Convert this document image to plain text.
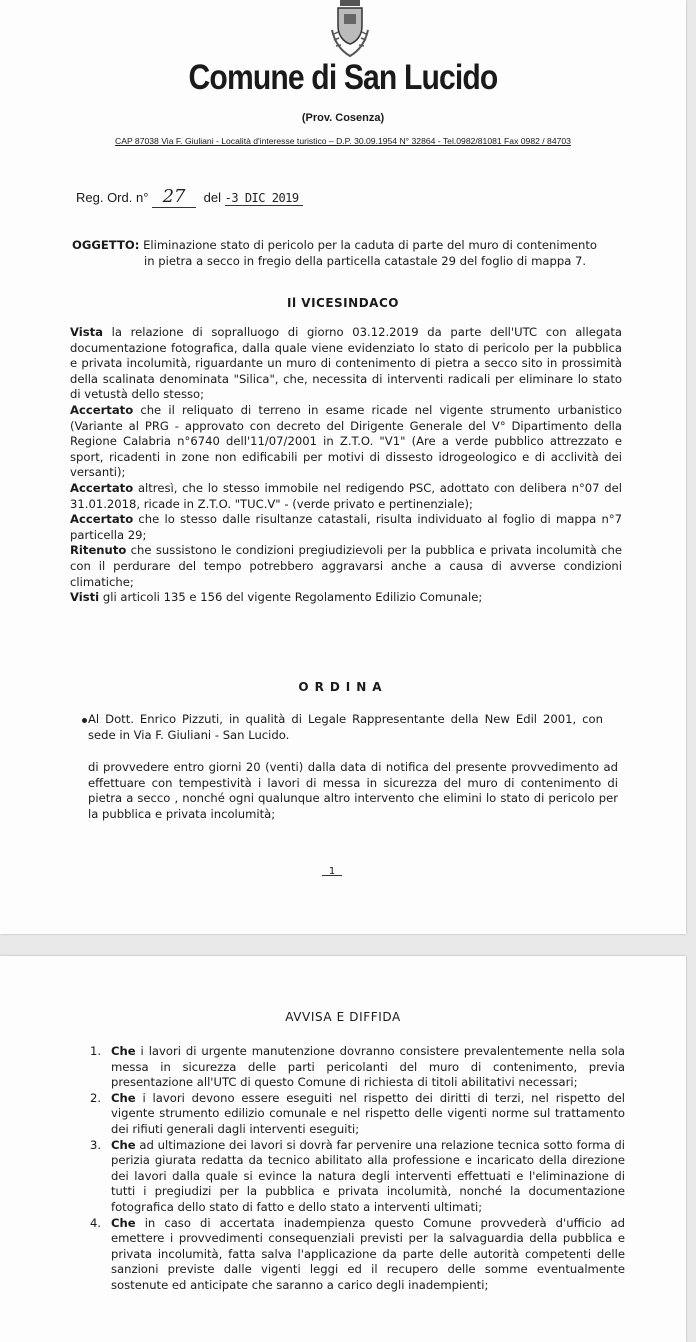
Comune di San Lucido
(Prov. Cosenza)
CAP 87038 Via F. Giuliani - Località d'interesse turistico – D.P. 30.09.1954 N° 32864 - Tel.0982/81081 Fax 0982 / 84703
Reg. Ord. n° 27 del -3 DIC 2019
OGGETTO: Eliminazione stato di pericolo per la caduta di parte del muro di contenimento
in pietra a secco in fregio della particella catastale 29 del foglio di mappa 7.
Il VICESINDACO

Vista la relazione di sopralluogo di giorno 03.12.2019 da parte dell'UTC con allegata documentazione fotografica, dalla quale viene evidenziato lo stato di pericolo per la pubblica e privata incolumità, riguardante un muro di contenimento di pietra a secco sito in prossimità della scalinata denominata "Silica", che, necessita di interventi radicali per eliminare lo stato di vetustà dello stesso;

Accertato che il reliquato di terreno in esame ricade nel vigente strumento urbanistico (Variante al PRG - approvato con decreto del Dirigente Generale del V° Dipartimento della Regione Calabria n°6740 dell'11/07/2001 in Z.T.O. "V1" (Are a verde pubblico attrezzato e sport, ricadenti in zone non edificabili per motivi di dissesto idrogeologico e di acclività dei versanti);

Accertato altresì, che lo stesso immobile nel redigendo PSC, adottato con delibera n°07 del 31.01.2018, ricade in Z.T.O. "TUC.V" - (verde privato e pertinenziale);

Accertato che lo stesso dalle risultanze catastali, risulta individuato al foglio di mappa n°7 particella 29;

Ritenuto che sussistono le condizioni pregiudizievoli per la pubblica e privata incolumità che con il perdurare del tempo potrebbero aggravarsi anche a causa di avverse condizioni climatiche;

Visti gli articoli 135 e 156 del vigente Regolamento Edilizio Comunale;

ORDINA

Al Dott. Enrico Pizzuti, in qualità di Legale Rappresentante della New Edil 2001, con sede in Via F. Giuliani - San Lucido.

di provvedere entro giorni 20 (venti) dalla data di notifica del presente provvedimento ad effettuare con tempestività i lavori di messa in sicurezza del muro di contenimento di pietra a secco , nonché ogni qualunque altro intervento che elimini lo stato di pericolo per la pubblica e privata incolumità;
1
AVVISA E DIFFIDA
1. Che i lavori di urgente manutenzione dovranno consistere prevalentemente nella sola messa in sicurezza delle parti pericolanti del muro di contenimento, previa presentazione all'UTC di questo Comune di richiesta di titoli abilitativi necessari;
2. Che i lavori devono essere eseguiti nel rispetto dei diritti di terzi, nel rispetto del vigente strumento edilizio comunale e nel rispetto delle vigenti norme sul trattamento dei rifiuti generali dagli interventi eseguiti;
3. Che ad ultimazione dei lavori si dovrà far pervenire una relazione tecnica sotto forma di perizia giurata redatta da tecnico abilitato alla professione e incaricato della direzione dei lavori dalla quale si evince la natura degli interventi effettuati e l'eliminazione di tutti i pregiudizi per la pubblica e privata incolumità, nonché la documentazione fotografica dello stato di fatto e dello stato a interventi ultimati;
4. Che in caso di accertata inadempienza questo Comune provvederà d'ufficio ad emettere i provvedimenti consequenziali previsti per la salvaguardia della pubblica e privata incolumità, fatta salva l'applicazione da parte delle autorità competenti delle sanzioni previste dalle vigenti leggi ed il recupero delle somme eventualmente sostenute ed anticipate che saranno a carico degli inadempienti;
